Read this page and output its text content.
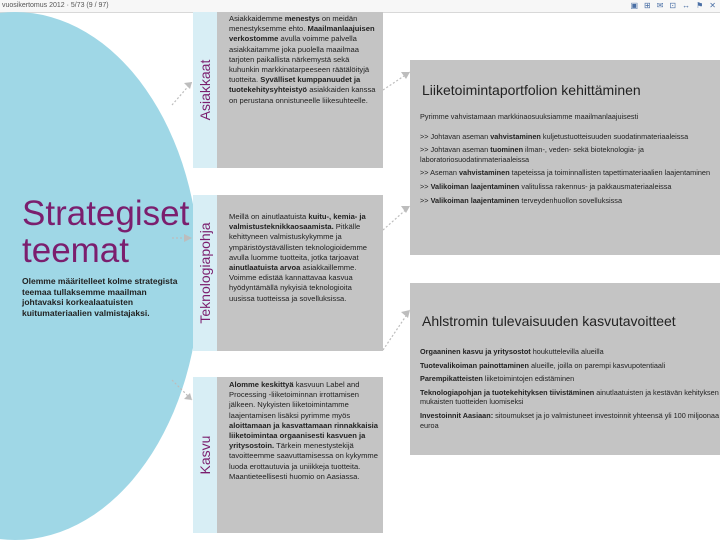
vuosikertomus 2012 · 5/73 (9 / 97)	▣ ⊞ ✉ ⊡ ↔ ⚑ ✕
Strategiset
teemat
Olemme määritelleet kolme strategista teemaa tullaksemme maailman johtavaksi korkealaatuisten kuitumateriaalien valmistajaksi.
Asiakkaat
Asiakkaidemme menestys on meidän menestyksemme ehto. Maailmanlaajuisen verkostomme avulla voimme palvella asiakkaitamme joka puolella maailmaa tarjoten paikallista närkemystä sekä kuhunkin markkinatarpeeseen räätälöityjä tuotteita. Syvälliset kumppanuudet ja tuotekehitysyhteistyö asiakkaiden kanssa on perustana onnistuneelle liikesuhteelle.
Teknologiapohja
Meillä on ainutlaatuista kuitu-, kemia- ja valmistusteknikkaosaamista. Pitkälle kehittyneen valmistuskykymme ja ympäristöystävällisten teknologioidemme avulla luomme tuotteita, jotka tarjoavat ainutlaatuista arvoa asiakkaillemme. Voimme edistää kannattavaa kasvua hyödyntämällä nykyisiä teknologioita uusissa tuotteissa ja sovelluksissa.
Kasvu
Alomme keskittyä kasvuun Label and Processing -liiketoiminnan irrottamisen jälkeen. Nykyisten liiketoimintamme laajentamisen lisäksi pyrimme myös aloittamaan ja kasvattamaan rinnakkaisia liiketoimintaa orgaanisesti kasvuen ja yritysostoin. Tärkein menestystekijä tavoitteemme saavuttamisessa on kykymme luoda erottautuvia ja uniikkeja tuotteita. Maantieteellisesti huomio on Aasiassa.
Liiketoimintaportfolion kehittäminen

Pyrimme vahvistamaan markkinaosuuksiamme maailmanlaajuisesti

>> Johtavan aseman vahvistaminen kuljetustuotteisuuden suodatinmateriaaleissa

>> Johtavan aseman tuominen ilman-, veden- sekä bioteknologia- ja laboratoriosuodatinmateriaaleissa

>> Aseman vahvistaminen tapeteissa ja toiminnallisten tapettimateriaalien laajentaminen

>> Valikoiman laajentaminen valitulissa rakennus- ja pakkausmateriaaleissa

>> Valikoiman laajentaminen terveydenhuollon sovelluksissa

Ahlstromin tulevaisuuden kasvutavoitteet

Orgaaninen kasvu ja yritysostot houkuttelevilla alueilla

Tuotevalikoiman painottaminen alueille, joilla on parempi kasvupotentiaali

Parempikatteisten liiketoimintojen edistäminen

Teknologiapohjan ja tuotekehityksen tiivistäminen ainutlaatuisten ja kestävän kehityksen mukaisten tuotteiden luomiseksi

Investoinnit Aasiaan: sitoumukset ja jo valmistuneet investoinnit yhteensä yli 100 miljoonaa euroa
